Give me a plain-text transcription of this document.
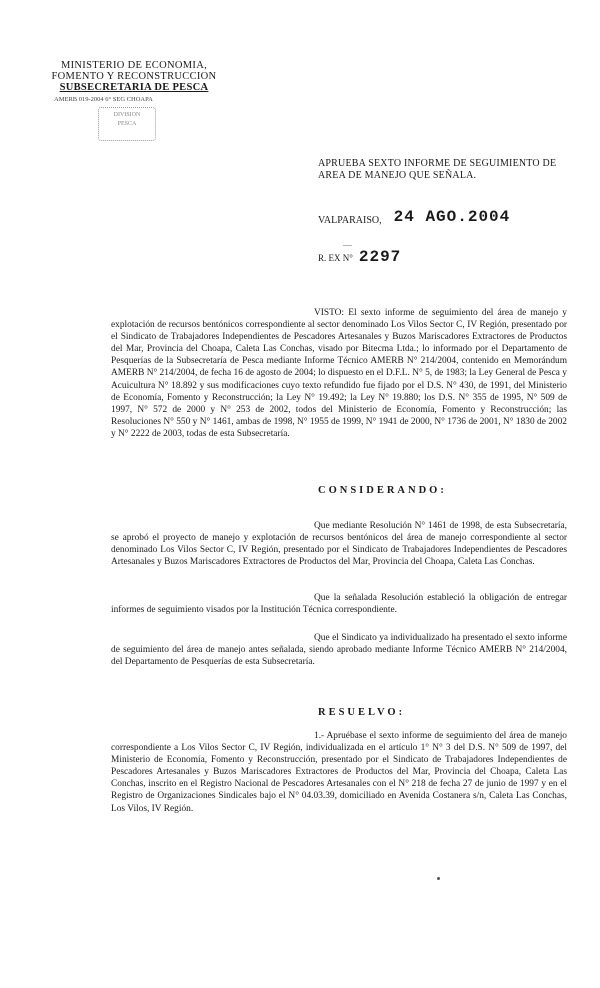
MINISTERIO DE ECONOMIA,
FOMENTO Y RECONSTRUCCION
SUBSECRETARIA DE PESCA
AMERB 019-2004 6° SEG CHOAPA
DIVISION
PESCA
APRUEBA SEXTO INFORME DE SEGUIMIENTO DE AREA DE MANEJO QUE SEÑALA.
VALPARAISO, 24 AGO.2004
—
R. EX N° 2297
VISTO: El sexto informe de seguimiento del área de manejo y explotación de recursos bentónicos correspondiente al sector denominado Los Vilos Sector C, IV Región, presentado por el Sindicato de Trabajadores Independientes de Pescadores Artesanales y Buzos Mariscadores Extractores de Productos del Mar, Provincia del Choapa, Caleta Las Conchas, visado por Bitecma Ltda.; lo informado por el Departamento de Pesquerías de la Subsecretaría de Pesca mediante Informe Técnico AMERB N° 214/2004, contenido en Memorándum AMERB N° 214/2004, de fecha 16 de agosto de 2004; lo dispuesto en el D.F.L. N° 5, de 1983; la Ley General de Pesca y Acuicultura N° 18.892 y sus modificaciones cuyo texto refundido fue fijado por el D.S. N° 430, de 1991, del Ministerio de Economía, Fomento y Reconstrucción; la Ley N° 19.492; la Ley N° 19.880; los D.S. N° 355 de 1995, N° 509 de 1997, N° 572 de 2000 y N° 253 de 2002, todos del Ministerio de Economía, Fomento y Reconstrucción; las Resoluciones N° 550 y N° 1461, ambas de 1998, N° 1955 de 1999, N° 1941 de 2000, N° 1736 de 2001, N° 1830 de 2002 y N° 2222 de 2003, todas de esta Subsecretaría.
CONSIDERANDO:
Que mediante Resolución N° 1461 de 1998, de esta Subsecretaría, se aprobó el proyecto de manejo y explotación de recursos bentónicos del área de manejo correspondiente al sector denominado Los Vilos Sector C, IV Región, presentado por el Sindicato de Trabajadores Independientes de Pescadores Artesanales y Buzos Mariscadores Extractores de Productos del Mar, Provincia del Choapa, Caleta Las Conchas.
Que la señalada Resolución estableció la obligación de entregar informes de seguimiento visados por la Institución Técnica correspondiente.
Que el Sindicato ya individualizado ha presentado el sexto informe de seguimiento del área de manejo antes señalada, siendo aprobado mediante Informe Técnico AMERB N° 214/2004, del Departamento de Pesquerías de esta Subsecretaría.
RESUELVO:
1.- Apruébase el sexto informe de seguimiento del área de manejo correspondiente a Los Vilos Sector C, IV Región, individualizada en el artículo 1° N° 3 del D.S. N° 509 de 1997, del Ministerio de Economía, Fomento y Reconstrucción, presentado por el Sindicato de Trabajadores Independientes de Pescadores Artesanales y Buzos Mariscadores Extractores de Productos del Mar, Provincia del Choapa, Caleta Las Conchas, inscrito en el Registro Nacional de Pescadores Artesanales con el N° 218 de fecha 27 de junio de 1997 y en el Registro de Organizaciones Sindicales bajo el N° 04.03.39, domiciliado en Avenida Costanera s/n, Caleta Las Conchas, Los Vilos, IV Región.
